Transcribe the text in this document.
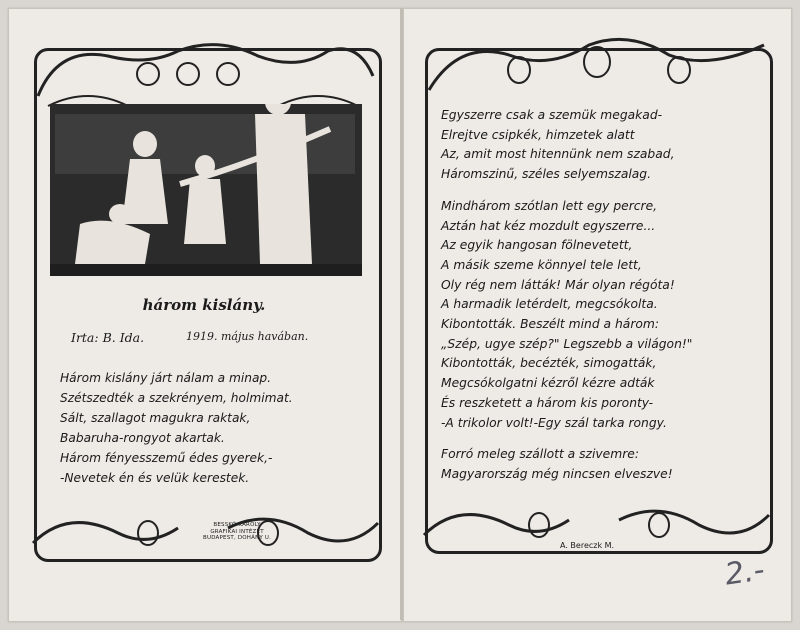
három kislány.
Irta: B. Ida.	1919. május havában.
Három kislány járt nálam a minap.
Szétszedték a szekrényem, holmimat.
Sált, szallagot magukra raktak,
Babaruha-rongyot akartak.
Három fényesszemű édes gyerek,-
-Nevetek én és velük kerestek.
BESSKÓ KÁROLY
GRAFIKAI INTÉZET
BUDAPEST, DOHÁNY U.
Egyszerre csak a szemük megakad-
Elrejtve csipkék, himzetek alatt
Az, amit most hitennünk nem szabad,
Háromszinű, széles selyemszalag.
Mindhárom szótlan lett egy percre,
Aztán hat kéz mozdult egyszerre...
Az egyik hangosan fölnevetett,
A másik szeme könnyel tele lett,
Oly rég nem látták! Már olyan régóta!
A harmadik letérdelt, megcsókolta.
Kibontották. Beszélt mind a három:
„Szép, ugye szép?" Legszebb a világon!"
Kibontották, becézték, simogatták,
Megcsókolgatni kézről kézre adták
És reszketett a három kis poronty-
-A trikolor volt!-Egy szál tarka rongy.
Forró meleg szállott a szivemre:
Magyarország még nincsen elveszve!
A. Bereczk M.
2.-
